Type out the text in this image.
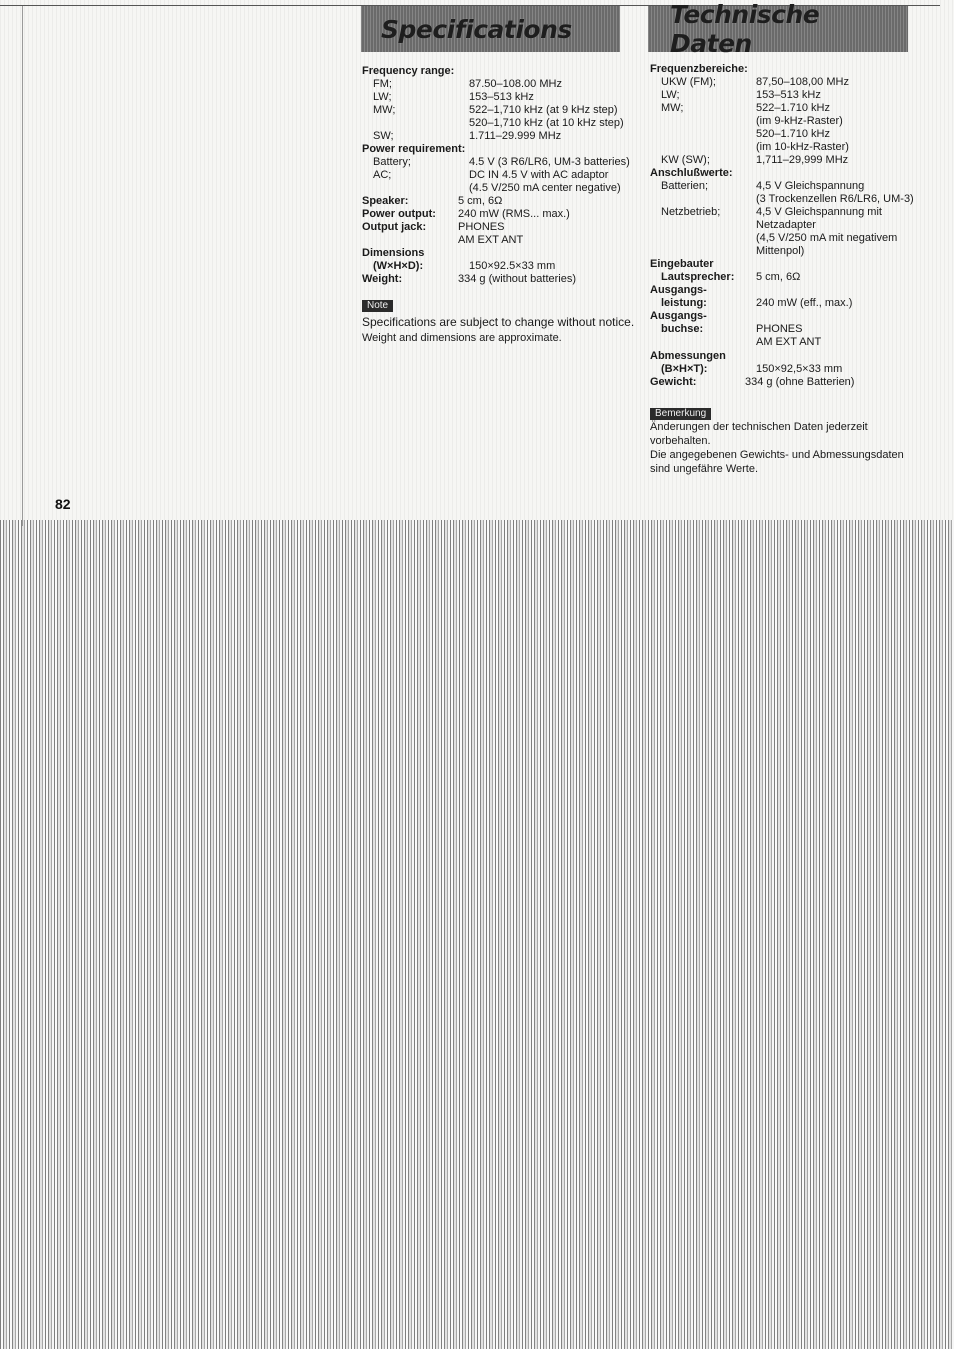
Specifications	Technische Daten
Frequency range:
FM;	87.50–108.00 MHz
LW;	153–513 kHz
MW;	522–1,710 kHz (at 9 kHz step)
520–1,710 kHz (at 10 kHz step)
SW;	1.711–29.999 MHz
Power requirement:
Battery;	4.5 V (3 R6/LR6, UM-3 batteries)
AC;	DC IN 4.5 V with AC adaptor
(4.5 V/250 mA center negative)
Speaker:	5 cm, 6Ω
Power output:	240 mW (RMS... max.)
Output jack:	PHONES
AM EXT ANT
Dimensions
(W×H×D):	150×92.5×33 mm
Weight:	334 g (without batteries)
Note
Specifications are subject to change without notice.
Weight and dimensions are approximate.
Frequenzbereiche:
UKW (FM);	87,50–108,00 MHz
LW;	153–513 kHz
MW;	522–1.710 kHz
(im 9-kHz-Raster)
520–1.710 kHz
(im 10-kHz-Raster)
KW (SW);	1,711–29,999 MHz
Anschlußwerte:
Batterien;	4,5 V Gleichspannung
(3 Trockenzellen R6/LR6, UM-3)
Netzbetrieb;	4,5 V Gleichspannung mit
Netzadapter
(4,5 V/250 mA mit negativem
Mittenpol)
Eingebauter
Lautsprecher:	5 cm, 6Ω
Ausgangs-
leistung:	240 mW (eff., max.)
Ausgangs-
buchse:	PHONES
AM EXT ANT
Abmessungen
(B×H×T):	150×92,5×33 mm
Gewicht:	334 g (ohne Batterien)
Bemerkung
Änderungen der technischen Daten jederzeit vorbehalten.
Die angegebenen Gewichts- und Abmessungsdaten sind ungefähre Werte.
82
